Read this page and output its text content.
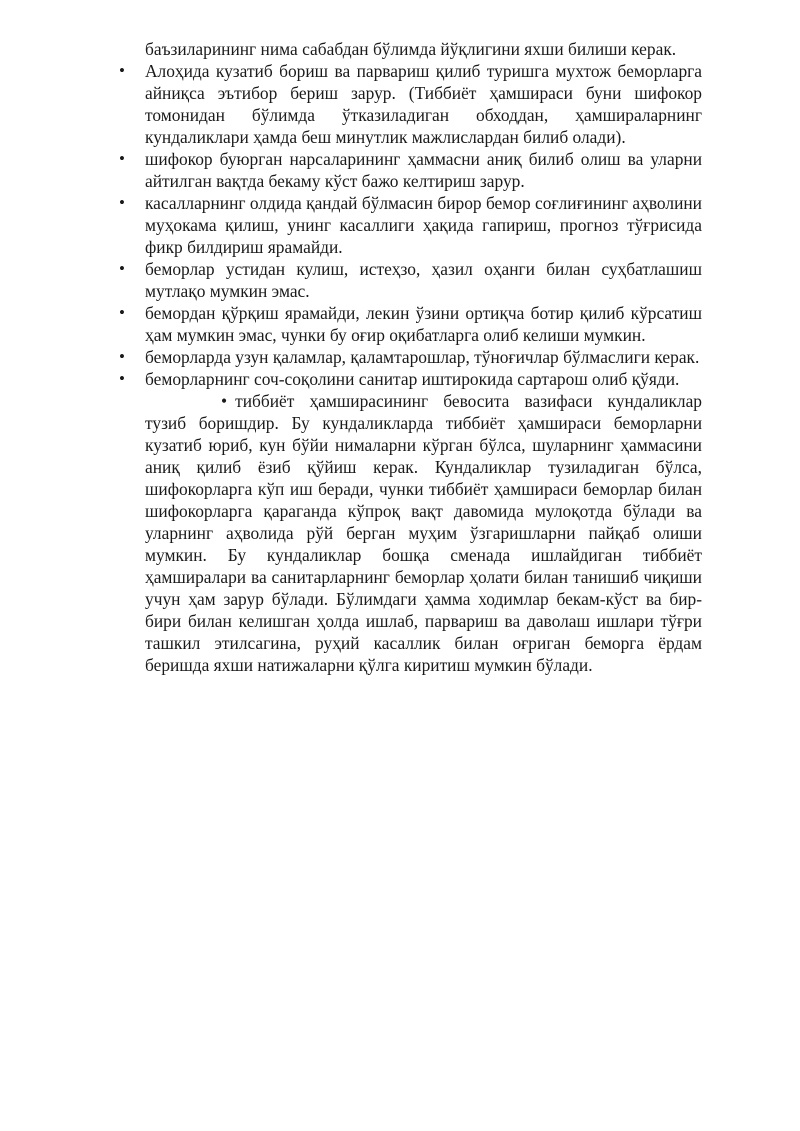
баъзиларининг нима сабабдан бўлимда йўқлигини яхши билиши керак.

• Алоҳида кузатиб бориш ва парвариш қилиб туришга мухтож беморларга айниқса эътибор бериш зарур. (Тиббиёт ҳамшираси буни шифокор томонидан бўлимда ўтказиладиган обходдан, ҳамшираларнинг кундаликлари ҳамда беш минутлик мажлислардан билиб олади).
• шифокор буюрган нарсаларининг ҳаммасни аниқ билиб олиш ва уларни айтилган вақтда бекаму кўст бажо келтириш зарур.
• касалларнинг олдида қандай бўлмасин бирор бемор соғлиғининг аҳволини муҳокама қилиш, унинг касаллиги ҳақида гапириш, прогноз тўғрисида фикр билдириш ярамайди.
• беморлар устидан кулиш, истеҳзо, ҳазил оҳанги билан суҳбатлашиш мутлақо мумкин эмас.
• бемордан қўрқиш ярамайди, лекин ўзини ортиқча ботир қилиб кўрсатиш ҳам мумкин эмас, чунки бу оғир оқибатларга олиб келиши мумкин.
• беморларда узун қаламлар, қаламтарошлар, тўноғичлар бўлмаслиги керак.
• беморларнинг соч-соқолини санитар иштирокида сартарош олиб қўяди.

• тиббиёт ҳамширасининг бевосита вазифаси кундаликлар тузиб боришдир. Бу кундаликларда тиббиёт ҳамшираси беморларни кузатиб юриб, кун бўйи нималарни кўрган бўлса, шуларнинг ҳаммасини аниқ қилиб ёзиб қўйиш керак. Кундаликлар тузиладиган бўлса, шифокорларга кўп иш беради, чунки тиббиёт ҳамшираси беморлар билан шифокорларга қараганда кўпроқ вақт давомида мулоқотда бўлади ва уларнинг аҳволида рўй берган муҳим ўзгаришларни пайқаб олиши мумкин. Бу кундаликлар бошқа сменада ишлайдиган тиббиёт ҳамширалари ва санитарларнинг беморлар ҳолати билан танишиб чиқиши учун ҳам зарур бўлади. Бўлимдаги ҳамма ходимлар бекам-кўст ва бир-бири билан келишган ҳолда ишлаб, парвариш ва даволаш ишлари тўғри ташкил этилсагина, руҳий касаллик билан оғриган беморга ёрдам беришда яхши натижаларни қўлга киритиш мумкин бўлади.
